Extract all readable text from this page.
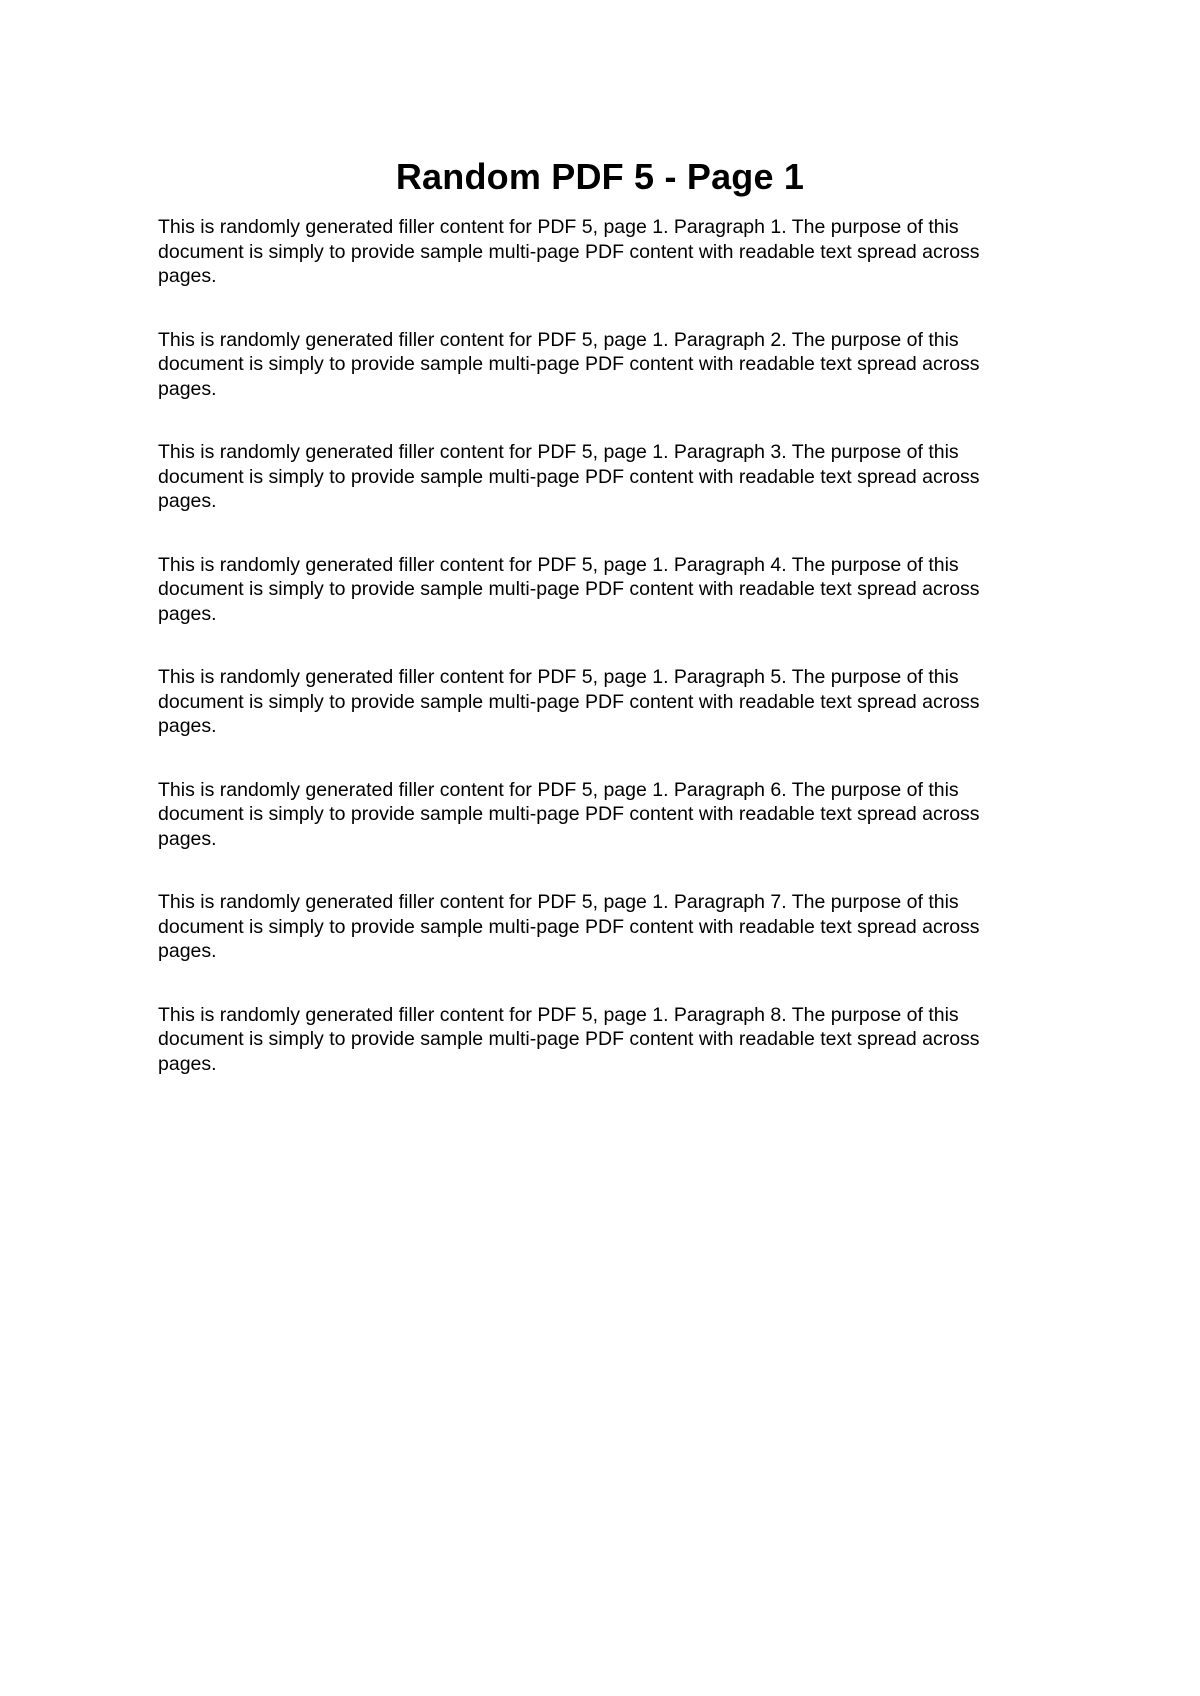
Random PDF 5 - Page 1

This is randomly generated filler content for PDF 5, page 1. Paragraph 1. The purpose of this
document is simply to provide sample multi-page PDF content with readable text spread across
pages.

This is randomly generated filler content for PDF 5, page 1. Paragraph 2. The purpose of this
document is simply to provide sample multi-page PDF content with readable text spread across
pages.

This is randomly generated filler content for PDF 5, page 1. Paragraph 3. The purpose of this
document is simply to provide sample multi-page PDF content with readable text spread across
pages.

This is randomly generated filler content for PDF 5, page 1. Paragraph 4. The purpose of this
document is simply to provide sample multi-page PDF content with readable text spread across
pages.

This is randomly generated filler content for PDF 5, page 1. Paragraph 5. The purpose of this
document is simply to provide sample multi-page PDF content with readable text spread across
pages.

This is randomly generated filler content for PDF 5, page 1. Paragraph 6. The purpose of this
document is simply to provide sample multi-page PDF content with readable text spread across
pages.

This is randomly generated filler content for PDF 5, page 1. Paragraph 7. The purpose of this
document is simply to provide sample multi-page PDF content with readable text spread across
pages.

This is randomly generated filler content for PDF 5, page 1. Paragraph 8. The purpose of this
document is simply to provide sample multi-page PDF content with readable text spread across
pages.
